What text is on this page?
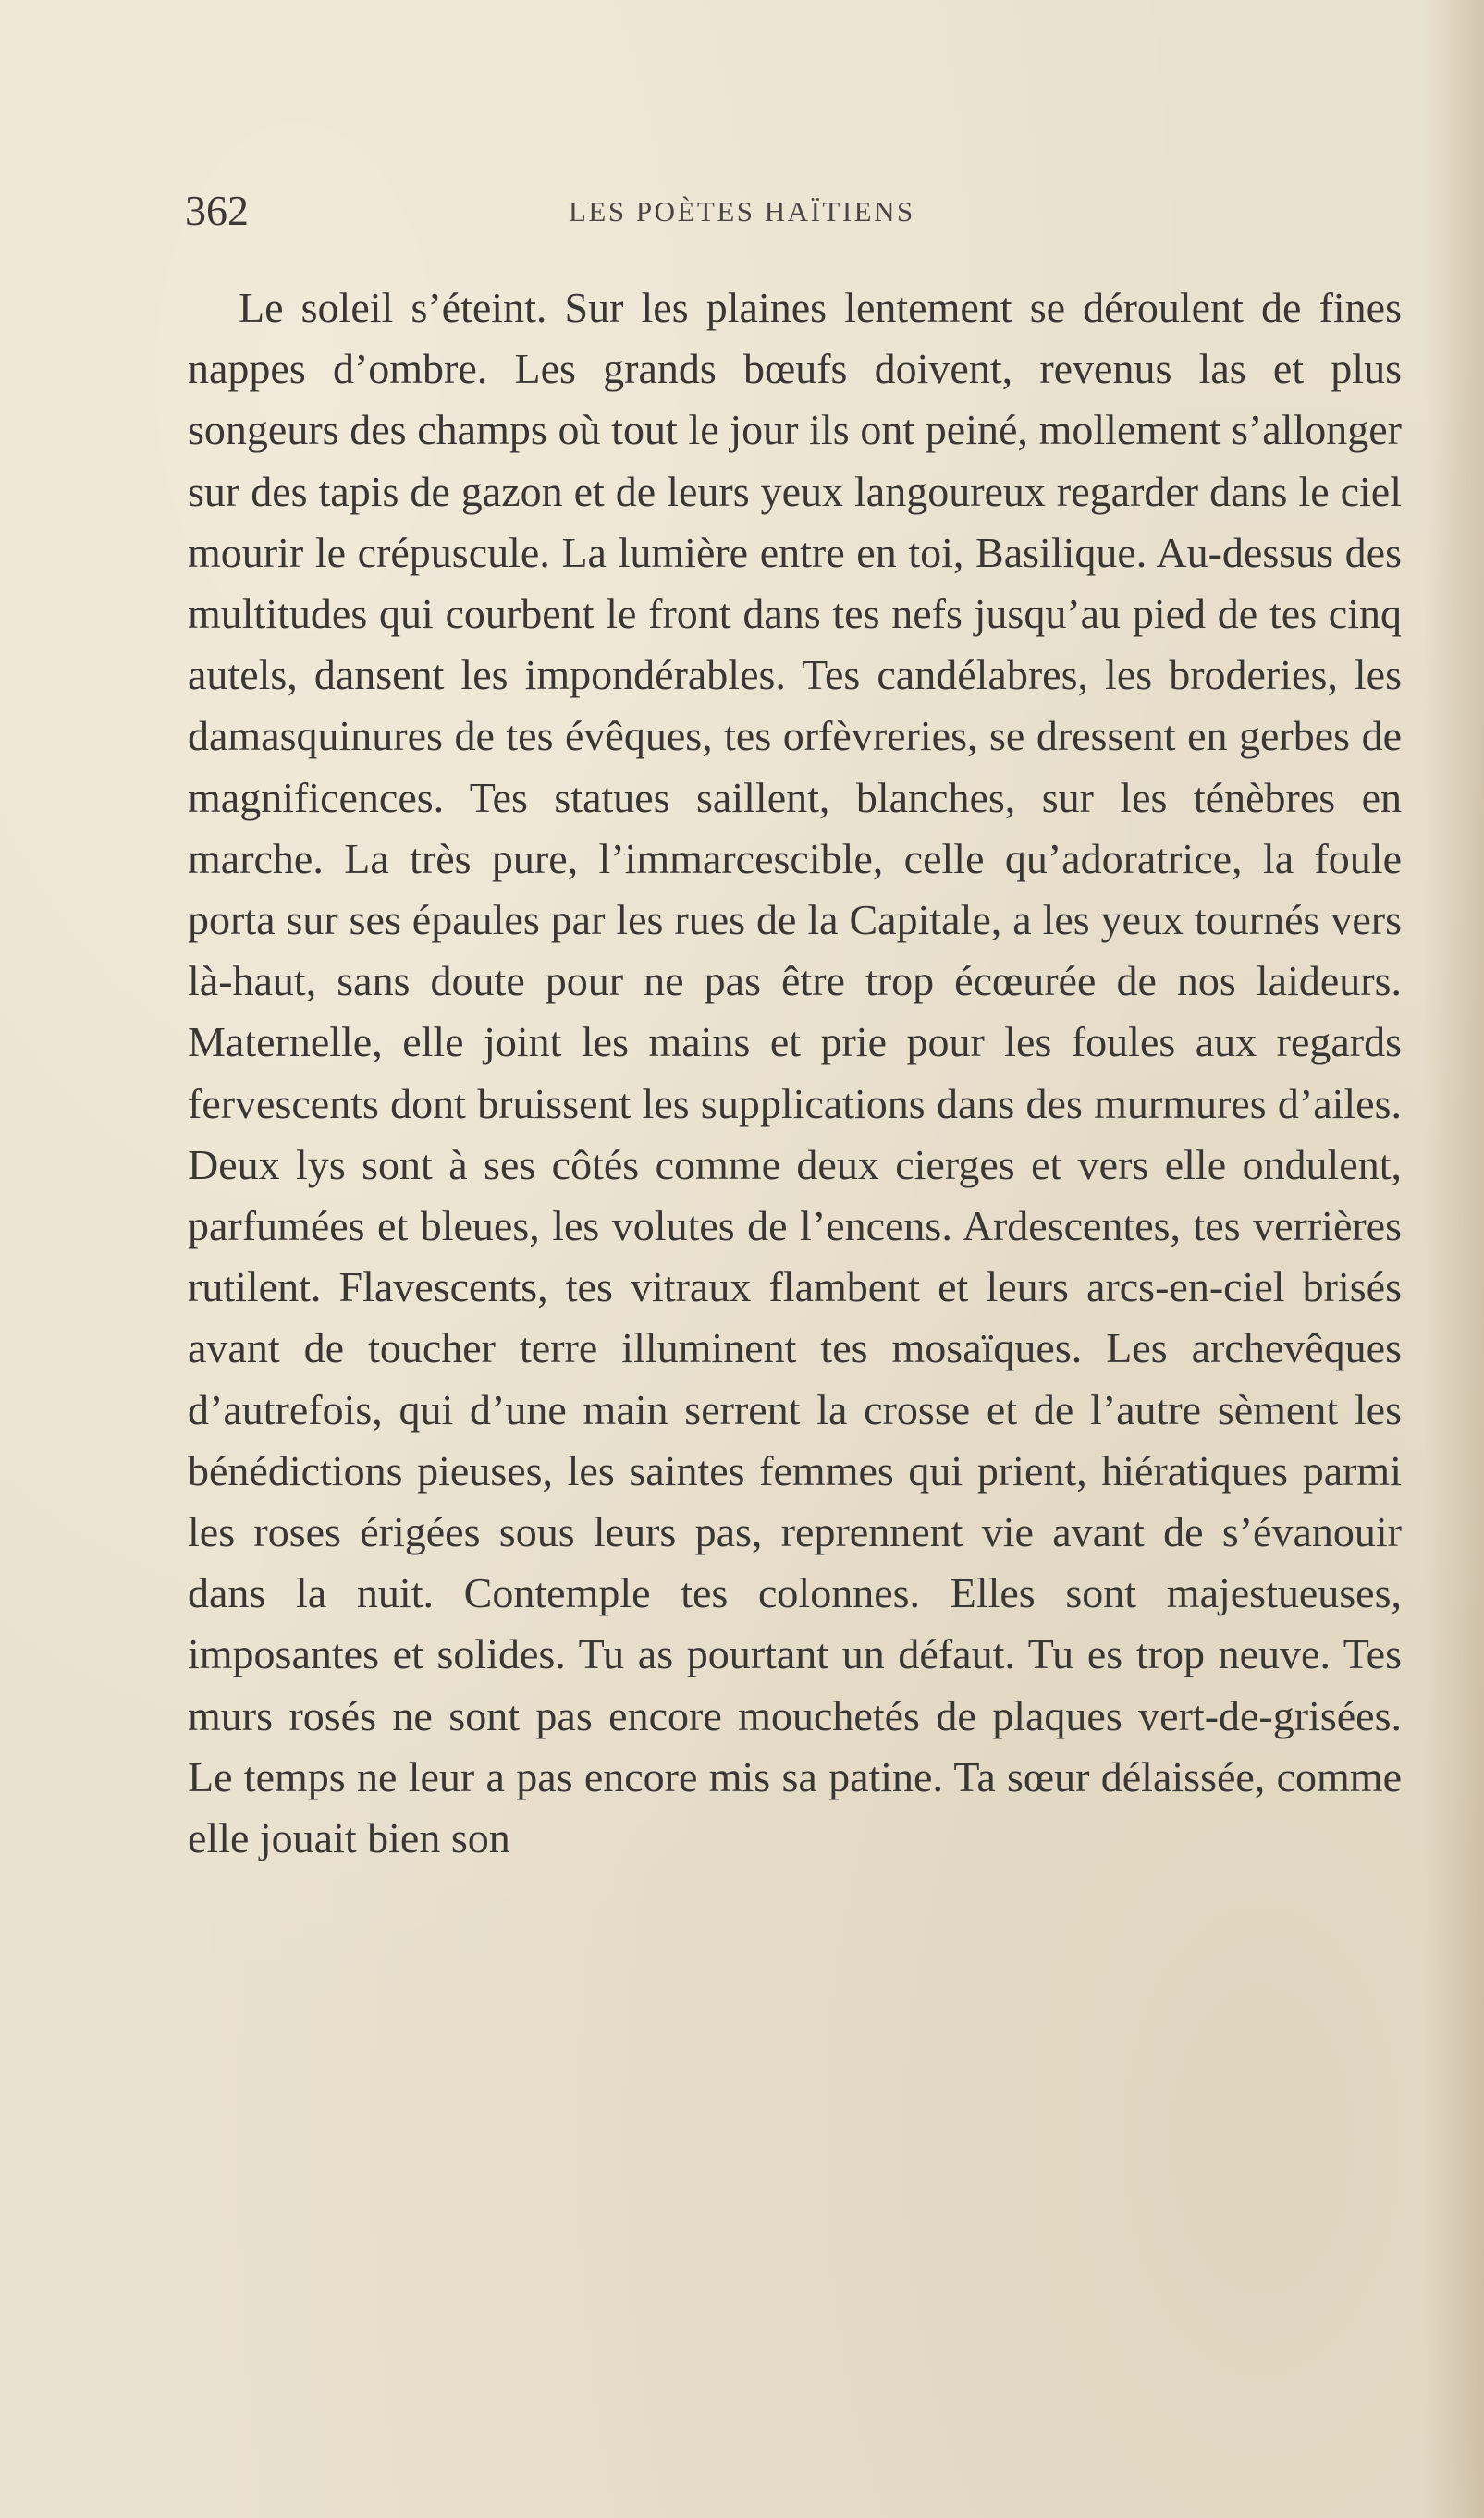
362	LES POÈTES HAÏTIENS

Le soleil s’éteint. Sur les plaines lentement se déroulent de fines nappes d’ombre. Les grands bœufs doivent, revenus las et plus songeurs des champs où tout le jour ils ont peiné, mollement s’allonger sur des tapis de gazon et de leurs yeux langoureux regarder dans le ciel mourir le crépuscule. La lumière entre en toi, Basilique. Au-dessus des multitudes qui courbent le front dans tes nefs jusqu’au pied de tes cinq autels, dansent les impondérables. Tes candélabres, les broderies, les damasquinures de tes évêques, tes orfèvreries, se dressent en gerbes de magnificences. Tes statues saillent, blanches, sur les ténèbres en marche. La très pure, l’immarcescible, celle qu’adoratrice, la foule porta sur ses épaules par les rues de la Capitale, a les yeux tournés vers là-haut, sans doute pour ne pas être trop écœurée de nos laideurs. Maternelle, elle joint les mains et prie pour les foules aux regards fervescents dont bruissent les supplications dans des murmures d’ailes. Deux lys sont à ses côtés comme deux cierges et vers elle ondulent, parfumées et bleues, les volutes de l’encens. Ardescentes, tes verrières rutilent. Flavescents, tes vitraux flambent et leurs arcs-en-ciel brisés avant de toucher terre illuminent tes mosaïques. Les archevêques d’autrefois, qui d’une main serrent la crosse et de l’autre sèment les bénédictions pieuses, les saintes femmes qui prient, hiératiques parmi les roses érigées sous leurs pas, reprennent vie avant de s’évanouir dans la nuit. Contemple tes colonnes. Elles sont majestueuses, imposantes et solides. Tu as pourtant un défaut. Tu es trop neuve. Tes murs rosés ne sont pas encore mouchetés de plaques vert-de-grisées. Le temps ne leur a pas encore mis sa patine. Ta sœur délaissée, comme elle jouait bien son
